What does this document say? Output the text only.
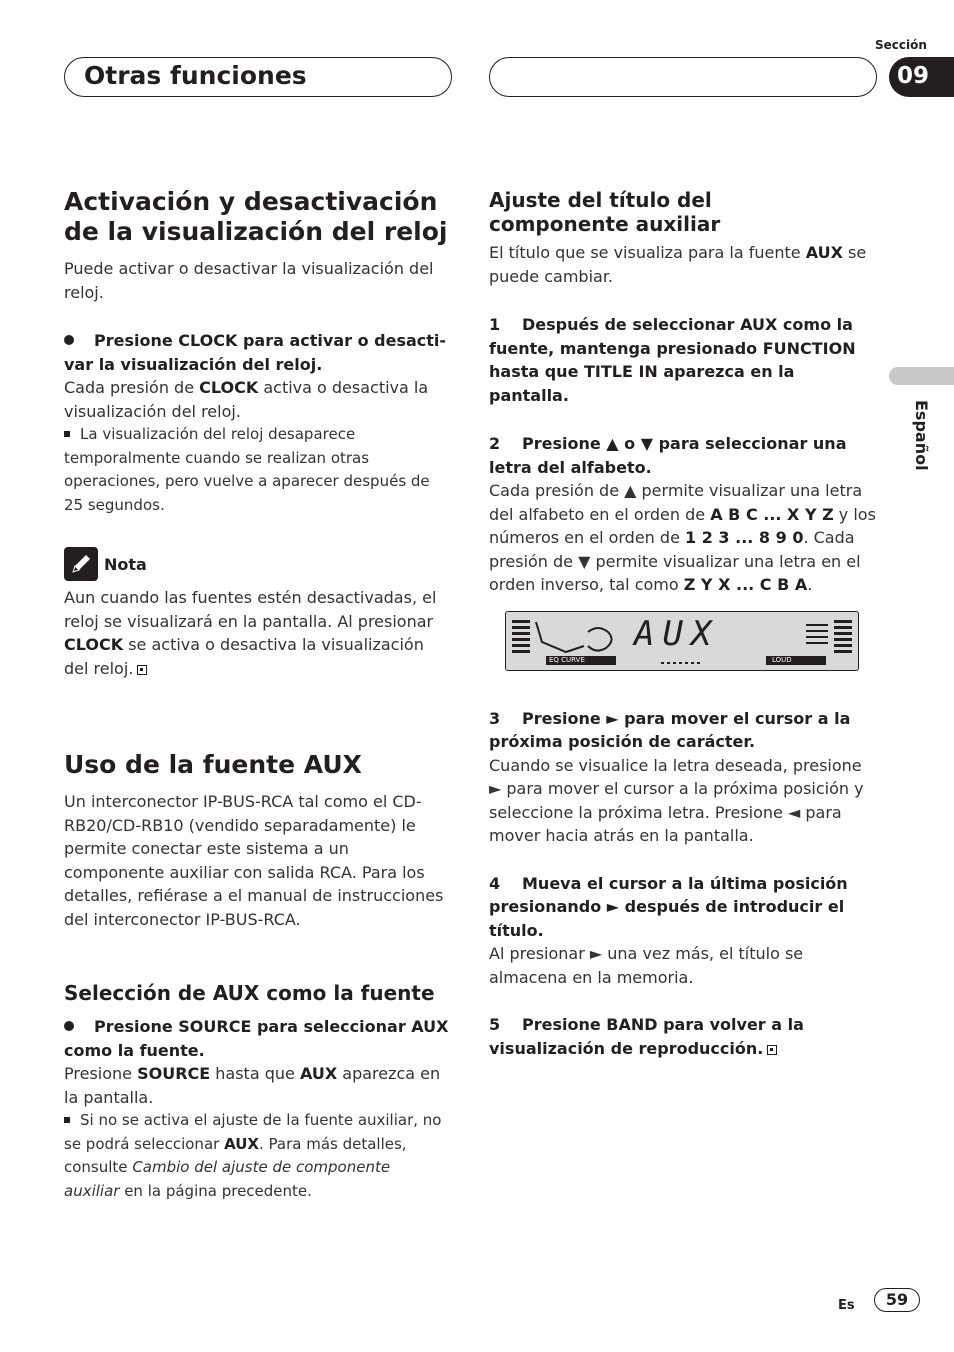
Otras funciones
Sección
09
Español
Activación y desactivación
de la visualización del reloj
Puede activar o desactivar la visualización del reloj.
Presione CLOCK para activar o desacti-
var la visualización del reloj.
Cada presión de CLOCK activa o desactiva la visualización del reloj.
La visualización del reloj desaparece temporalmente cuando se realizan otras operaciones, pero vuelve a aparecer después de 25 segundos.
Nota
Aun cuando las fuentes estén desactivadas, el reloj se visualizará en la pantalla. Al presionar CLOCK se activa o desactiva la visualización del reloj.
Uso de la fuente AUX
Un interconector IP-BUS-RCA tal como el CD-RB20/CD-RB10 (vendido separadamente) le permite conectar este sistema a un componente auxiliar con salida RCA. Para los detalles, refiérase a el manual de instrucciones del interconector IP-BUS-RCA.
Selección de AUX como la fuente
Presione SOURCE para seleccionar AUX
como la fuente.
Presione SOURCE hasta que AUX aparezca en la pantalla.
Si no se activa el ajuste de la fuente auxiliar, no se podrá seleccionar AUX. Para más detalles, consulte Cambio del ajuste de componente auxiliar en la página precedente.
Ajuste del título del
componente auxiliar
El título que se visualiza para la fuente AUX se puede cambiar.
1	Después de seleccionar AUX como la fuente, mantenga presionado FUNCTION hasta que TITLE IN aparezca en la pantalla.
2	Presione ▲ o ▼ para seleccionar una letra del alfabeto.
Cada presión de ▲ permite visualizar una letra del alfabeto en el orden de A B C ... X Y Z y los números en el orden de 1 2 3 ... 8 9 0. Cada presión de ▼ permite visualizar una letra en el orden inverso, tal como Z Y X ... C B A.
AUX
EQ CURVE	LOUD
3	Presione ► para mover el cursor a la próxima posición de carácter.
Cuando se visualice la letra deseada, presione ► para mover el cursor a la próxima posición y seleccione la próxima letra. Presione ◄ para mover hacia atrás en la pantalla.
4	Mueva el cursor a la última posición presionando ► después de introducir el título.
Al presionar ► una vez más, el título se almacena en la memoria.
5	Presione BAND para volver a la visualización de reproducción.
Es	59
